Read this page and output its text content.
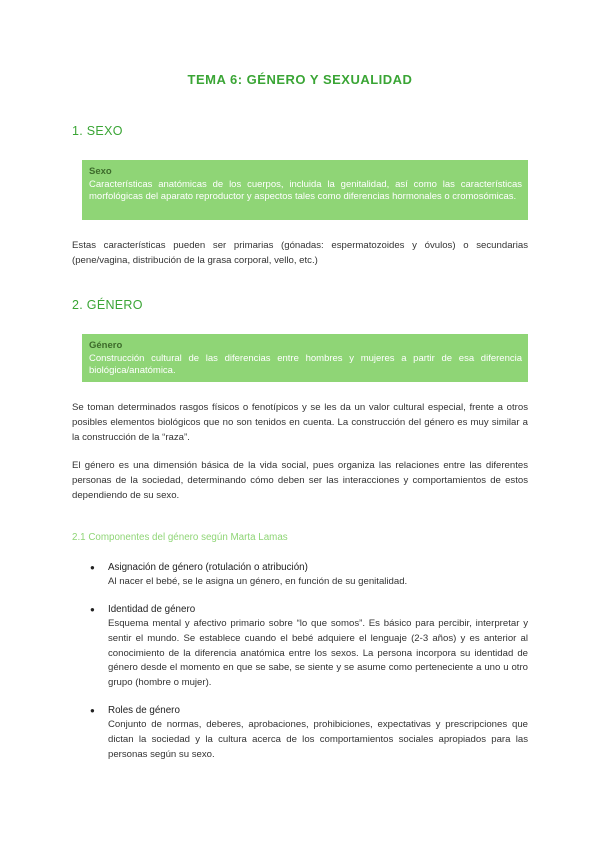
TEMA 6: GÉNERO Y SEXUALIDAD
1. SEXO
Sexo
Características anatómicas de los cuerpos, incluida la genitalidad, así como las características morfológicas del aparato reproductor y aspectos tales como diferencias hormonales o cromosómicas.

Estas características pueden ser primarias (gónadas: espermatozoides y óvulos) o secundarias (pene/vagina, distribución de la grasa corporal, vello, etc.)

2. GÉNERO
Género
Construcción cultural de las diferencias entre hombres y mujeres a partir de esa diferencia biológica/anatómica.

Se toman determinados rasgos físicos o fenotípicos y se les da un valor cultural especial, frente a otros posibles elementos biológicos que no son tenidos en cuenta. La construcción del género es muy similar a la construcción de la “raza”.

El género es una dimensión básica de la vida social, pues organiza las relaciones entre las diferentes personas de la sociedad, determinando cómo deben ser las interacciones y comportamientos de estos dependiendo de su sexo.

2.1 Componentes del género según Marta Lamas
● Asignación de género (rotulación o atribución)
Al nacer el bebé, se le asigna un género, en función de su genitalidad.
● Identidad de género
Esquema mental y afectivo primario sobre “lo que somos”. Es básico para percibir, interpretar y sentir el mundo. Se establece cuando el bebé adquiere el lenguaje (2-3 años) y es anterior al conocimiento de la diferencia anatómica entre los sexos. La persona incorpora su identidad de género desde el momento en que se sabe, se siente y se asume como perteneciente a uno u otro grupo (hombre o mujer).
● Roles de género
Conjunto de normas, deberes, aprobaciones, prohibiciones, expectativas y prescripciones que dictan la sociedad y la cultura acerca de los comportamientos sociales apropiados para las personas según su sexo.
